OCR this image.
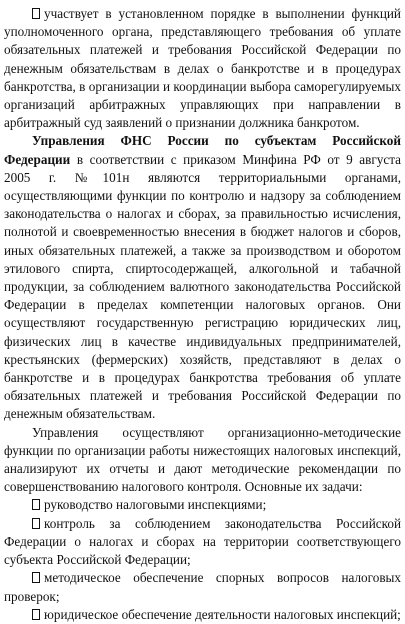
участвует в установленном порядке в выполнении функций уполномоченного органа, представляющего требования об уплате обязательных платежей и требования Российской Федерации по денежным обязательствам в делах о банкротстве и в процедурах банкротства, в организации и координации выбора саморегулируемых организаций арбитражных управляющих при направлении в арбитражный суд заявлений о признании должника банкротом.

Управления ФНС России по субъектам Российской Федерации в соответствии с приказом Минфина РФ от 9 августа 2005 г. №101н являются территориальными органами, осуществляющими функции по контролю и надзору за соблюдением законодательства о налогах и сборах, за правильностью исчисления, полнотой и своевременностью внесения в бюджет налогов и сборов, иных обязательных платежей, а также за производством и оборотом этилового спирта, спиртосодержащей, алкогольной и табачной продукции, за соблюдением валютного законодательства Российской Федерации в пределах компетенции налоговых органов. Они осуществляют государственную регистрацию юридических лиц, физических лиц в качестве индивидуальных предпринимателей, крестьянских (фермерских) хозяйств, представляют в делах о банкротстве и в процедурах банкротства требования об уплате обязательных платежей и требования Российской Федерации по денежным обязательствам.

Управления осуществляют организационно-методические функции по организации работы нижестоящих налоговых инспекций, анализируют их отчеты и дают методические рекомендации по совершенствованию налогового контроля. Основные их задачи:

руководство налоговыми инспекциями;

контроль за соблюдением законодательства Российской Федерации о налогах и сборах на территории соответствующего субъекта Российской Федерации;

методическое обеспечение спорных вопросов налоговых проверок;

юридическое обеспечение деятельности налоговых инспекций;
